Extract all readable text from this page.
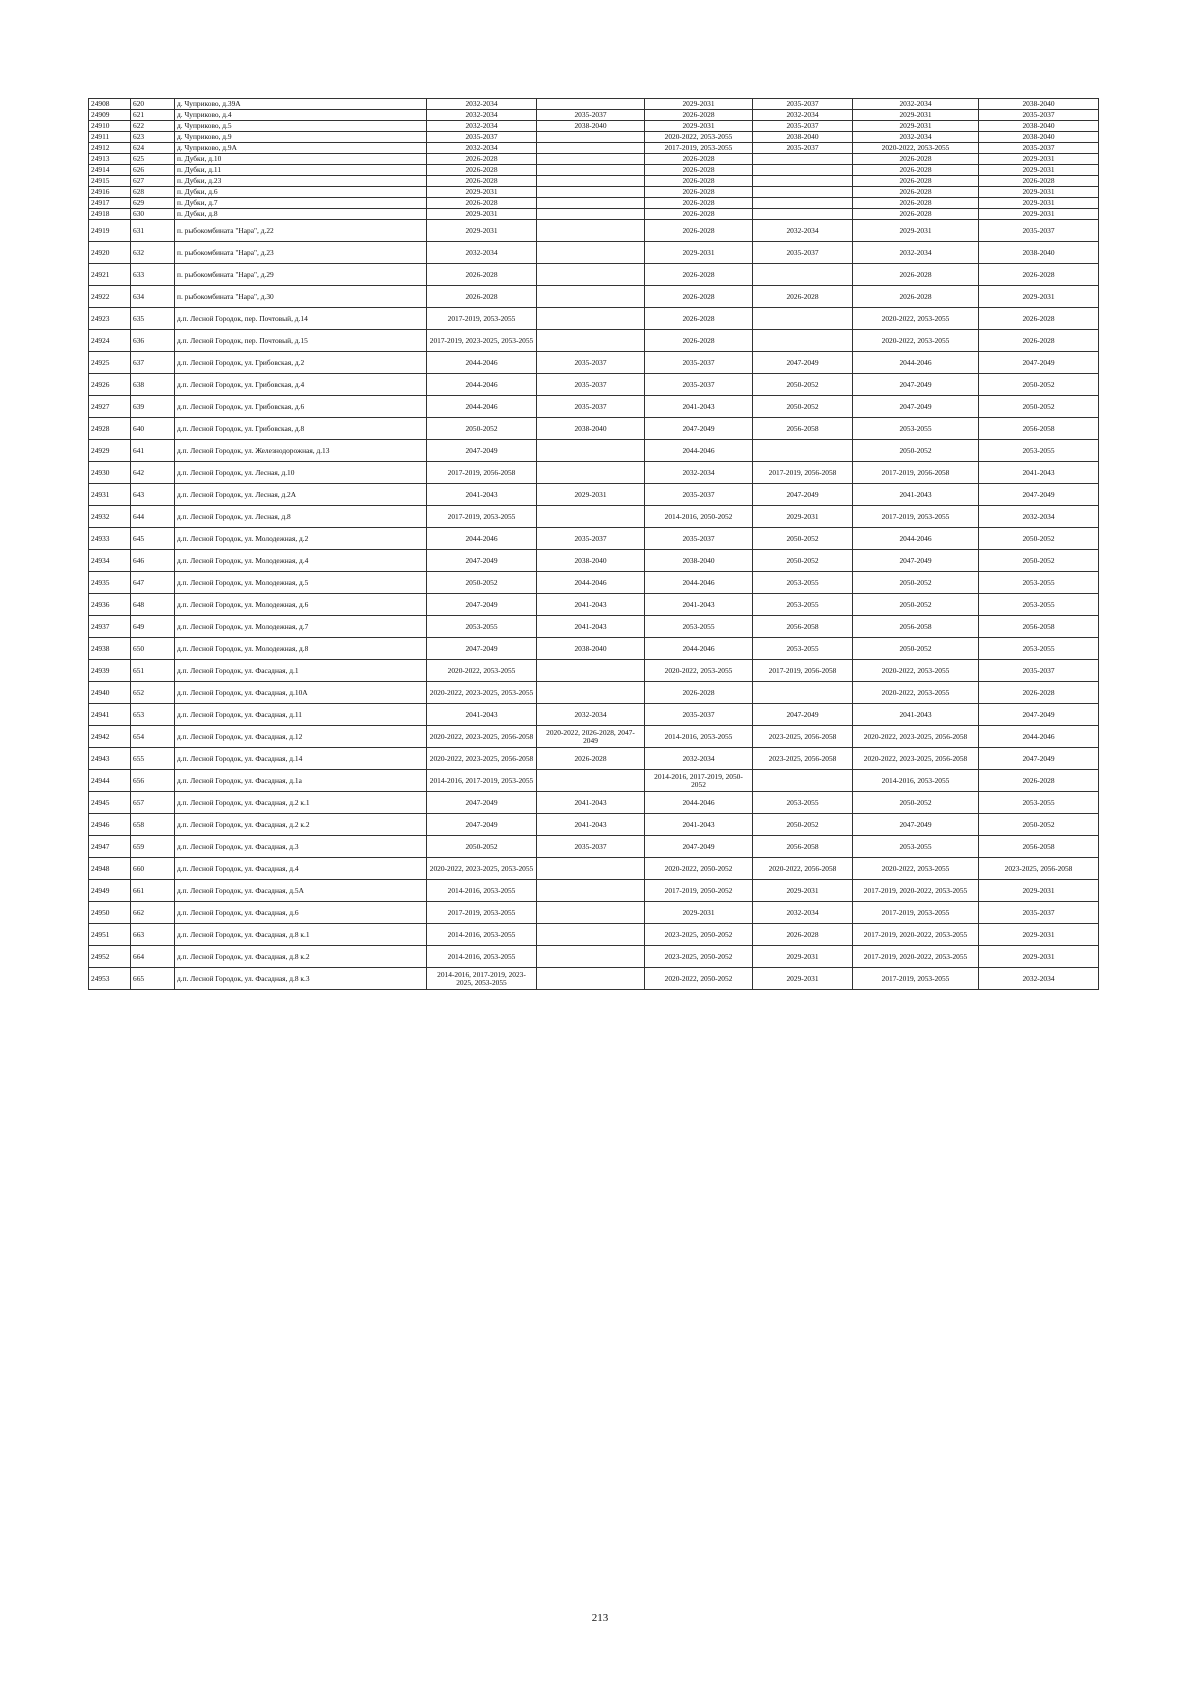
24908	620	д. Чуприково, д.39А	2032-2034		2029-2031	2035-2037	2032-2034	2038-2040
24909	621	д. Чуприково, д.4	2032-2034	2035-2037	2026-2028	2032-2034	2029-2031	2035-2037
24910	622	д. Чуприково, д.5	2032-2034	2038-2040	2029-2031	2035-2037	2029-2031	2038-2040
24911	623	д. Чуприково, д.9	2035-2037		2020-2022, 2053-2055	2038-2040	2032-2034	2038-2040
24912	624	д. Чуприково, д.9А	2032-2034		2017-2019, 2053-2055	2035-2037	2020-2022, 2053-2055	2035-2037
24913	625	п. Дубки, д.10	2026-2028		2026-2028		2026-2028	2029-2031
24914	626	п. Дубки, д.11	2026-2028		2026-2028		2026-2028	2029-2031
24915	627	п. Дубки, д.23	2026-2028		2026-2028		2026-2028	2026-2028
24916	628	п. Дубки, д.6	2029-2031		2026-2028		2026-2028	2029-2031
24917	629	п. Дубки, д.7	2026-2028		2026-2028		2026-2028	2029-2031
24918	630	п. Дубки, д.8	2029-2031		2026-2028		2026-2028	2029-2031
24919	631	п. рыбокомбината "Нара", д.22	2029-2031		2026-2028	2032-2034	2029-2031	2035-2037
24920	632	п. рыбокомбината "Нара", д.23	2032-2034		2029-2031	2035-2037	2032-2034	2038-2040
24921	633	п. рыбокомбината "Нара", д.29	2026-2028		2026-2028		2026-2028	2026-2028
24922	634	п. рыбокомбината "Нара", д.30	2026-2028		2026-2028	2026-2028	2026-2028	2029-2031
24923	635	д.п. Лесной Городок, пер. Почтовый, д.14	2017-2019, 2053-2055		2026-2028		2020-2022, 2053-2055	2026-2028
24924	636	д.п. Лесной Городок, пер. Почтовый, д.15	2017-2019, 2023-2025, 2053-2055		2026-2028		2020-2022, 2053-2055	2026-2028
24925	637	д.п. Лесной Городок, ул. Грибовская, д.2	2044-2046	2035-2037	2035-2037	2047-2049	2044-2046	2047-2049
24926	638	д.п. Лесной Городок, ул. Грибовская, д.4	2044-2046	2035-2037	2035-2037	2050-2052	2047-2049	2050-2052
24927	639	д.п. Лесной Городок, ул. Грибовская, д.6	2044-2046	2035-2037	2041-2043	2050-2052	2047-2049	2050-2052
24928	640	д.п. Лесной Городок, ул. Грибовская, д.8	2050-2052	2038-2040	2047-2049	2056-2058	2053-2055	2056-2058
24929	641	д.п. Лесной Городок, ул. Железнодорожная, д.13	2047-2049		2044-2046		2050-2052	2053-2055
24930	642	д.п. Лесной Городок, ул. Лесная, д.10	2017-2019, 2056-2058		2032-2034	2017-2019, 2056-2058	2017-2019, 2056-2058	2041-2043
24931	643	д.п. Лесной Городок, ул. Лесная, д.2А	2041-2043	2029-2031	2035-2037	2047-2049	2041-2043	2047-2049
24932	644	д.п. Лесной Городок, ул. Лесная, д.8	2017-2019, 2053-2055		2014-2016, 2050-2052	2029-2031	2017-2019, 2053-2055	2032-2034
24933	645	д.п. Лесной Городок, ул. Молодежная, д.2	2044-2046	2035-2037	2035-2037	2050-2052	2044-2046	2050-2052
24934	646	д.п. Лесной Городок, ул. Молодежная, д.4	2047-2049	2038-2040	2038-2040	2050-2052	2047-2049	2050-2052
24935	647	д.п. Лесной Городок, ул. Молодежная, д.5	2050-2052	2044-2046	2044-2046	2053-2055	2050-2052	2053-2055
24936	648	д.п. Лесной Городок, ул. Молодежная, д.6	2047-2049	2041-2043	2041-2043	2053-2055	2050-2052	2053-2055
24937	649	д.п. Лесной Городок, ул. Молодежная, д.7	2053-2055	2041-2043	2053-2055	2056-2058	2056-2058	2056-2058
24938	650	д.п. Лесной Городок, ул. Молодежная, д.8	2047-2049	2038-2040	2044-2046	2053-2055	2050-2052	2053-2055
24939	651	д.п. Лесной Городок, ул. Фасадная, д.1	2020-2022, 2053-2055		2020-2022, 2053-2055	2017-2019, 2056-2058	2020-2022, 2053-2055	2035-2037
24940	652	д.п. Лесной Городок, ул. Фасадная, д.10А	2020-2022, 2023-2025, 2053-2055		2026-2028		2020-2022, 2053-2055	2026-2028
24941	653	д.п. Лесной Городок, ул. Фасадная, д.11	2041-2043	2032-2034	2035-2037	2047-2049	2041-2043	2047-2049
24942	654	д.п. Лесной Городок, ул. Фасадная, д.12	2020-2022, 2023-2025, 2056-2058	2020-2022, 2026-2028, 2047-2049	2014-2016, 2053-2055	2023-2025, 2056-2058	2020-2022, 2023-2025, 2056-2058	2044-2046
24943	655	д.п. Лесной Городок, ул. Фасадная, д.14	2020-2022, 2023-2025, 2056-2058	2026-2028	2032-2034	2023-2025, 2056-2058	2020-2022, 2023-2025, 2056-2058	2047-2049
24944	656	д.п. Лесной Городок, ул. Фасадная, д.1а	2014-2016, 2017-2019, 2053-2055		2014-2016, 2017-2019, 2050-2052		2014-2016, 2053-2055	2026-2028
24945	657	д.п. Лесной Городок, ул. Фасадная, д.2 к.1	2047-2049	2041-2043	2044-2046	2053-2055	2050-2052	2053-2055
24946	658	д.п. Лесной Городок, ул. Фасадная, д.2 к.2	2047-2049	2041-2043	2041-2043	2050-2052	2047-2049	2050-2052
24947	659	д.п. Лесной Городок, ул. Фасадная, д.3	2050-2052	2035-2037	2047-2049	2056-2058	2053-2055	2056-2058
24948	660	д.п. Лесной Городок, ул. Фасадная, д.4	2020-2022, 2023-2025, 2053-2055		2020-2022, 2050-2052	2020-2022, 2056-2058	2020-2022, 2053-2055	2023-2025, 2056-2058
24949	661	д.п. Лесной Городок, ул. Фасадная, д.5А	2014-2016, 2053-2055		2017-2019, 2050-2052	2029-2031	2017-2019, 2020-2022, 2053-2055	2029-2031
24950	662	д.п. Лесной Городок, ул. Фасадная, д.6	2017-2019, 2053-2055		2029-2031	2032-2034	2017-2019, 2053-2055	2035-2037
24951	663	д.п. Лесной Городок, ул. Фасадная, д.8 к.1	2014-2016, 2053-2055		2023-2025, 2050-2052	2026-2028	2017-2019, 2020-2022, 2053-2055	2029-2031
24952	664	д.п. Лесной Городок, ул. Фасадная, д.8 к.2	2014-2016, 2053-2055		2023-2025, 2050-2052	2029-2031	2017-2019, 2020-2022, 2053-2055	2029-2031
24953	665	д.п. Лесной Городок, ул. Фасадная, д.8 к.3	2014-2016, 2017-2019, 2023-2025, 2053-2055		2020-2022, 2050-2052	2029-2031	2017-2019, 2053-2055	2032-2034
213
